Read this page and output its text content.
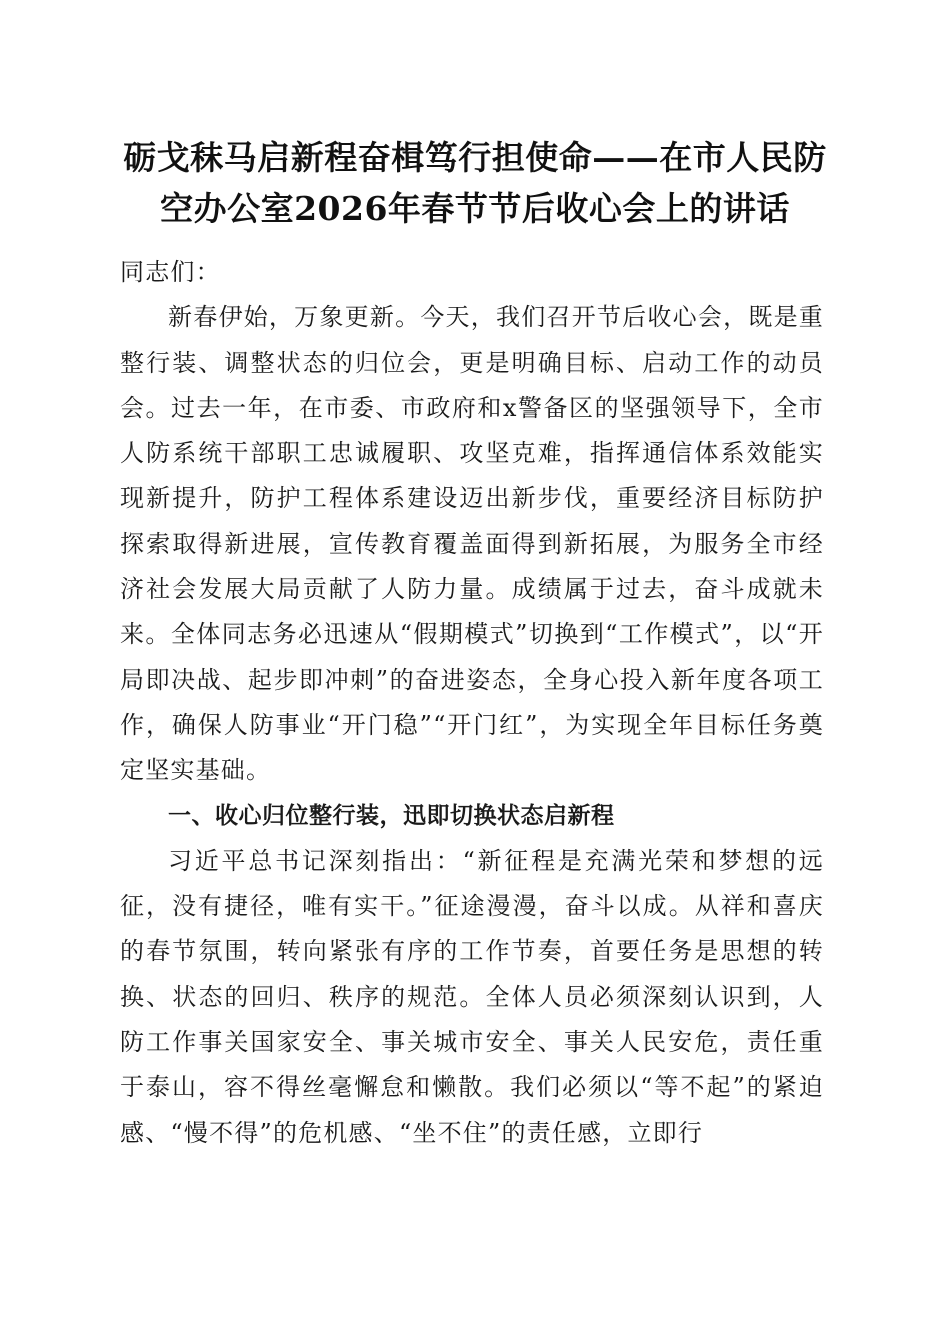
砺戈秣马启新程奋楫笃行担使命——在市人民防空办公室2026年春节节后收心会上的讲话

同志们：

新春伊始，万象更新。今天，我们召开节后收心会，既是重整行装、调整状态的归位会，更是明确目标、启动工作的动员会。过去一年，在市委、市政府和x警备区的坚强领导下，全市人防系统干部职工忠诚履职、攻坚克难，指挥通信体系效能实现新提升，防护工程体系建设迈出新步伐，重要经济目标防护探索取得新进展，宣传教育覆盖面得到新拓展，为服务全市经济社会发展大局贡献了人防力量。成绩属于过去，奋斗成就未来。全体同志务必迅速从“假期模式”切换到“工作模式”，以“开局即决战、起步即冲刺”的奋进姿态，全身心投入新年度各项工作，确保人防事业“开门稳”“开门红”，为实现全年目标任务奠定坚实基础。

一、收心归位整行装，迅即切换状态启新程

习近平总书记深刻指出：“新征程是充满光荣和梦想的远征，没有捷径，唯有实干。”征途漫漫，奋斗以成。从祥和喜庆的春节氛围，转向紧张有序的工作节奏，首要任务是思想的转换、状态的回归、秩序的规范。全体人员必须深刻认识到，人防工作事关国家安全、事关城市安全、事关人民安危，责任重于泰山，容不得丝毫懈怠和懒散。我们必须以“等不起”的紧迫感、“慢不得”的危机感、“坐不住”的责任感，立即行
